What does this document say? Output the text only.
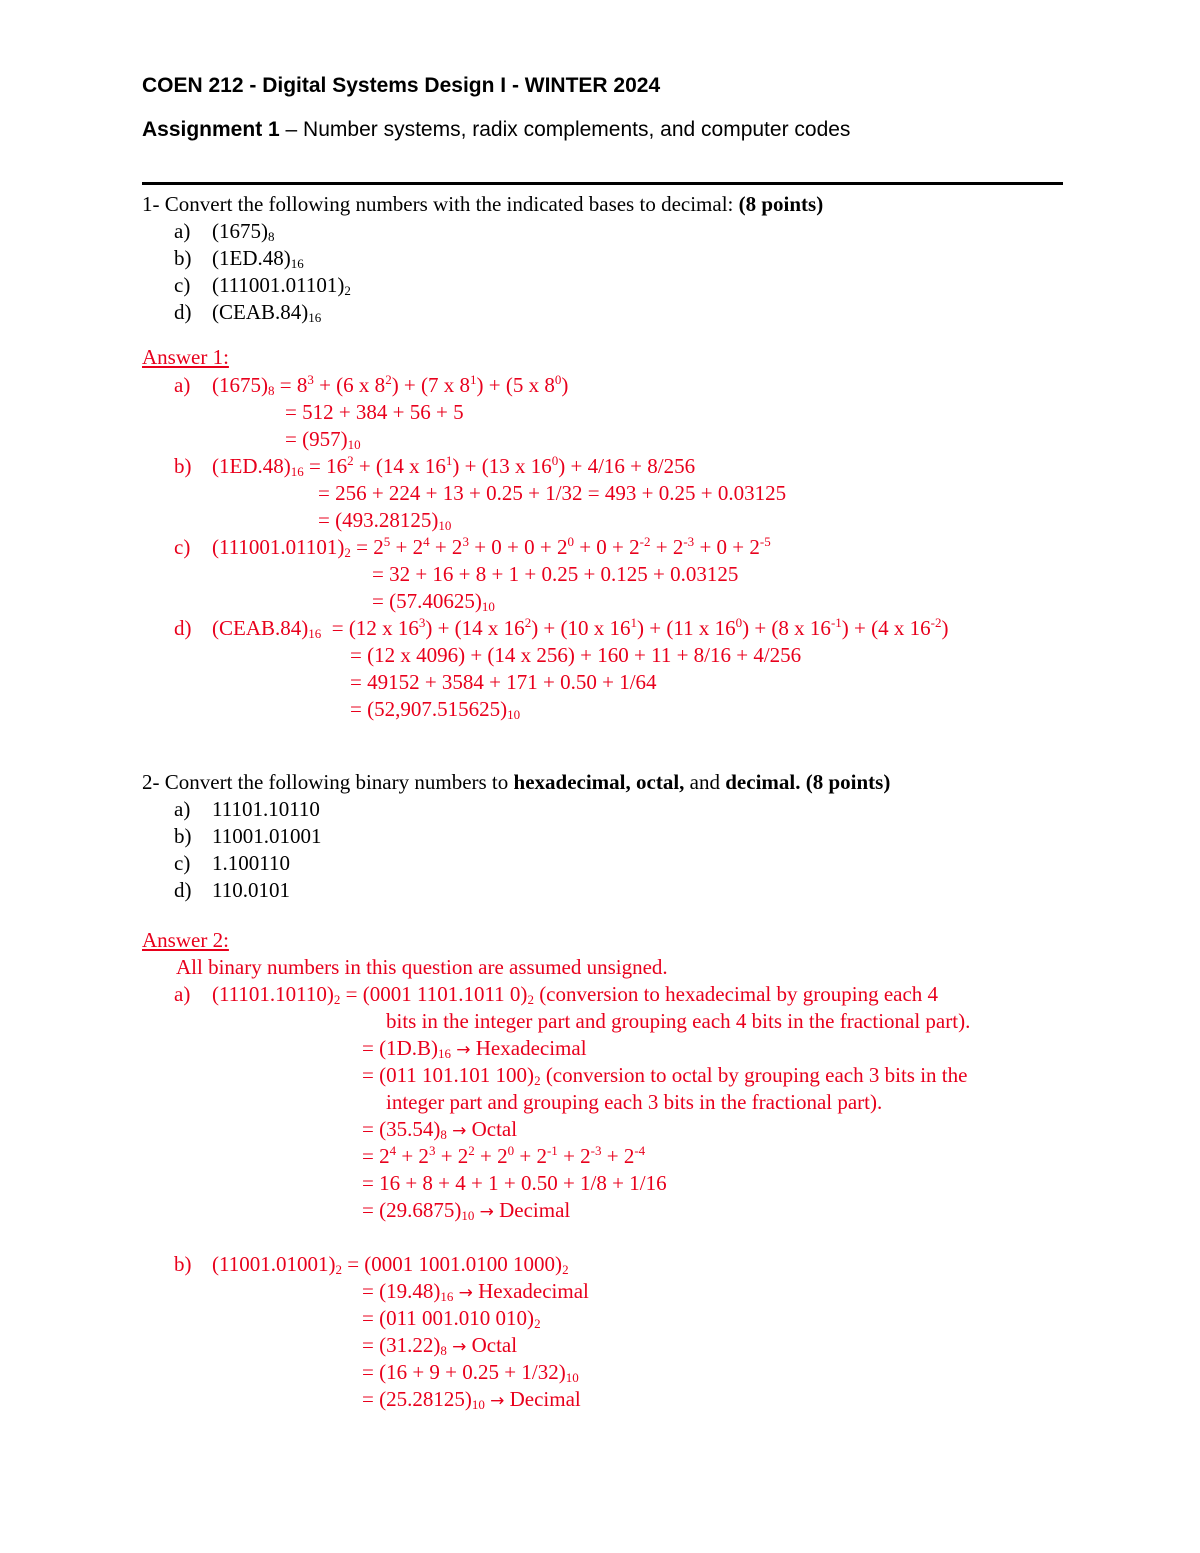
COEN 212 - Digital Systems Design I - WINTER 2024
Assignment 1 – Number systems, radix complements, and computer codes
1- Convert the following numbers with the indicated bases to decimal: (8 points)
a) $(1675)_8$
b) $(1ED.48)_{16}$
c) $(111001.01101)_2$
d) $(CEAB.84)_{16}$
Answer 1:
a) $(1675)_8 = 8^3 + (6$ x $8^2) + (7$ x $8^1) + (5$ x $8^0$)
= 512 + 384 + 56 + 5
= $(957)_{10}$
b) $(1ED.48)_{16} = 16^2 + (14$ x $16^1) + (13$ x $16^0) + 4/16 + 8/256$
= 256 + 224 + 13 + 0.25 + 1/32 = 493 + 0.25 + 0.03125
= $(493.28125)_{10}$
c) $(111001.01101)_2 = 2^5 + 2^4 + 2^3 + 0 + 0 + 2^0 + 0 + 2^{-2} + 2^{-3} + 0 + 2^{-5}$
= 32 + 16 + 8 + 1 + 0.25 + 0.125 + 0.03125
= $(57.40625)_{10}$
d) $(CEAB.84)_{16} = (12$ x $16^3) + (14$ x $16^2) + (10$ x $16^1) + (11$ x $16^0) + (8$ x $16^{-1}) + (4$ x $16^{-2}$)
= (12 x 4096) + (14 x 256) + 160 + 11 + 8/16 + 4/256
= 49152 + 3584 + 171 + 0.50 + 1/64
= $(52,907.515625)_{10}$
2- Convert the following binary numbers to hexadecimal, octal, and decimal. (8 points)
a) 11101.10110
b) 11001.01001
c) 1.100110
d) 110.0101
Answer 2:
All binary numbers in this question are assumed unsigned.
a) $(11101.10110)_2 = (0001$ 1101.1011 $0)_2$ (conversion to hexadecimal by grouping each 4
bits in the integer part and grouping each 4 bits in the fractional part).
= $(1D.B)_{16}$ → Hexadecimal
= (011 101.101 $100)_2$ (conversion to octal by grouping each 3 bits in the
integer part and grouping each 3 bits in the fractional part).
= $(35.54)_8$ → Octal
= $2^4 + 2^3 + 2^2 + 2^0 + 2^{-1} + 2^{-3} + 2^{-4}$
= 16 + 8 + 4 + 1 + 0.50 + 1/8 + 1/16
= $(29.6875)_{10}$ → Decimal
b) $(11001.01001)_2 = (0001$ 1001.0100 $1000)_2$
= $(19.48)_{16}$ → Hexadecimal
= (011 001.010 $010)_2$
= $(31.22)_8$ → Octal
= $(16 + 9 + 0.25 + 1/32)_{10}$
= $(25.28125)_{10}$ → Decimal
